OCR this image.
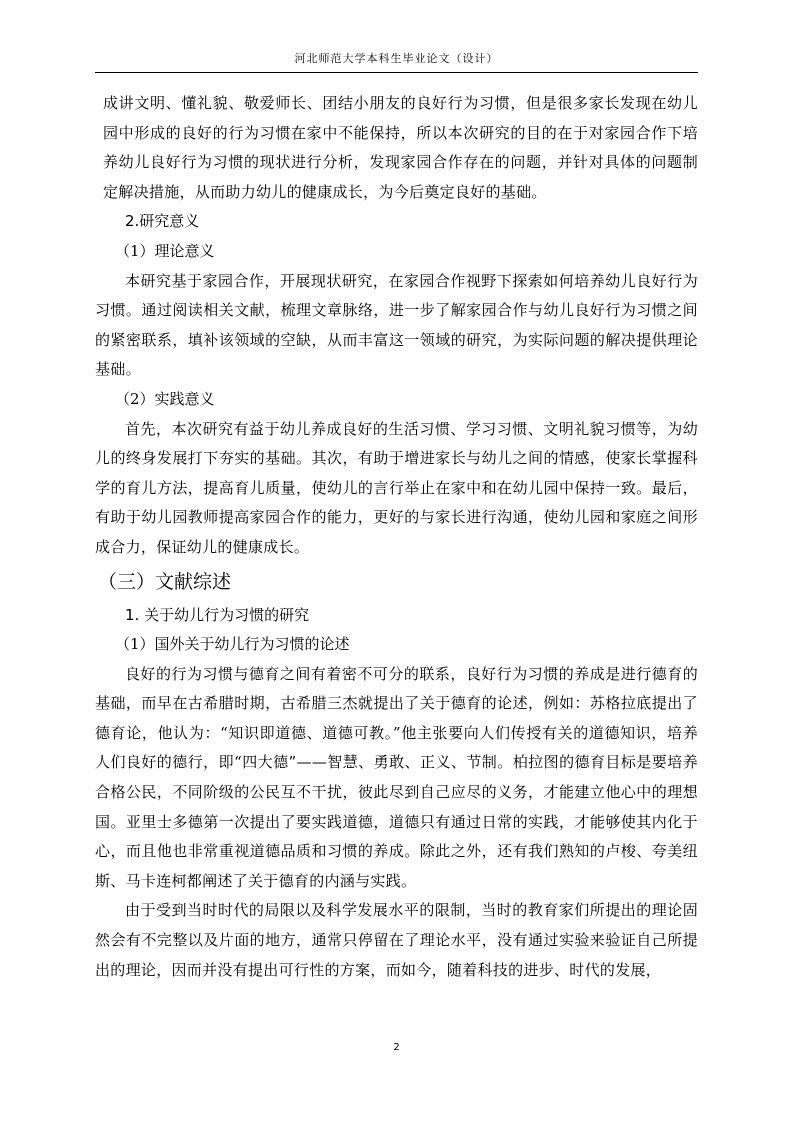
河北师范大学本科生毕业论文（设计）

成讲文明、懂礼貌、敬爱师长、团结小朋友的良好行为习惯，但是很多家长发现在幼儿园中形成的良好的行为习惯在家中不能保持，所以本次研究的目的在于对家园合作下培养幼儿良好行为习惯的现状进行分析，发现家园合作存在的问题，并针对具体的问题制定解决措施，从而助力幼儿的健康成长，为今后奠定良好的基础。

2.研究意义

（1）理论意义

本研究基于家园合作，开展现状研究，在家园合作视野下探索如何培养幼儿良好行为习惯。通过阅读相关文献，梳理文章脉络，进一步了解家园合作与幼儿良好行为习惯之间的紧密联系，填补该领域的空缺，从而丰富这一领域的研究，为实际问题的解决提供理论基础。

（2）实践意义

首先，本次研究有益于幼儿养成良好的生活习惯、学习习惯、文明礼貌习惯等，为幼儿的终身发展打下夯实的基础。其次，有助于增进家长与幼儿之间的情感，使家长掌握科学的育儿方法，提高育儿质量，使幼儿的言行举止在家中和在幼儿园中保持一致。最后，有助于幼儿园教师提高家园合作的能力，更好的与家长进行沟通，使幼儿园和家庭之间形成合力，保证幼儿的健康成长。

（三）文献综述

1. 关于幼儿行为习惯的研究

（1）国外关于幼儿行为习惯的论述

良好的行为习惯与德育之间有着密不可分的联系，良好行为习惯的养成是进行德育的基础，而早在古希腊时期，古希腊三杰就提出了关于德育的论述，例如：苏格拉底提出了德育论，他认为：“知识即道德、道德可教。”他主张要向人们传授有关的道德知识，培养人们良好的德行，即“四大德”——智慧、勇敢、正义、节制。柏拉图的德育目标是要培养合格公民，不同阶级的公民互不干扰，彼此尽到自己应尽的义务，才能建立他心中的理想国。亚里士多德第一次提出了要实践道德，道德只有通过日常的实践，才能够使其内化于心，而且他也非常重视道德品质和习惯的养成。除此之外，还有我们熟知的卢梭、夸美纽斯、马卡连柯都阐述了关于德育的内涵与实践。

由于受到当时时代的局限以及科学发展水平的限制，当时的教育家们所提出的理论固然会有不完整以及片面的地方，通常只停留在了理论水平，没有通过实验来验证自己所提出的理论，因而并没有提出可行性的方案，而如今，随着科技的进步、时代的发展，

2
